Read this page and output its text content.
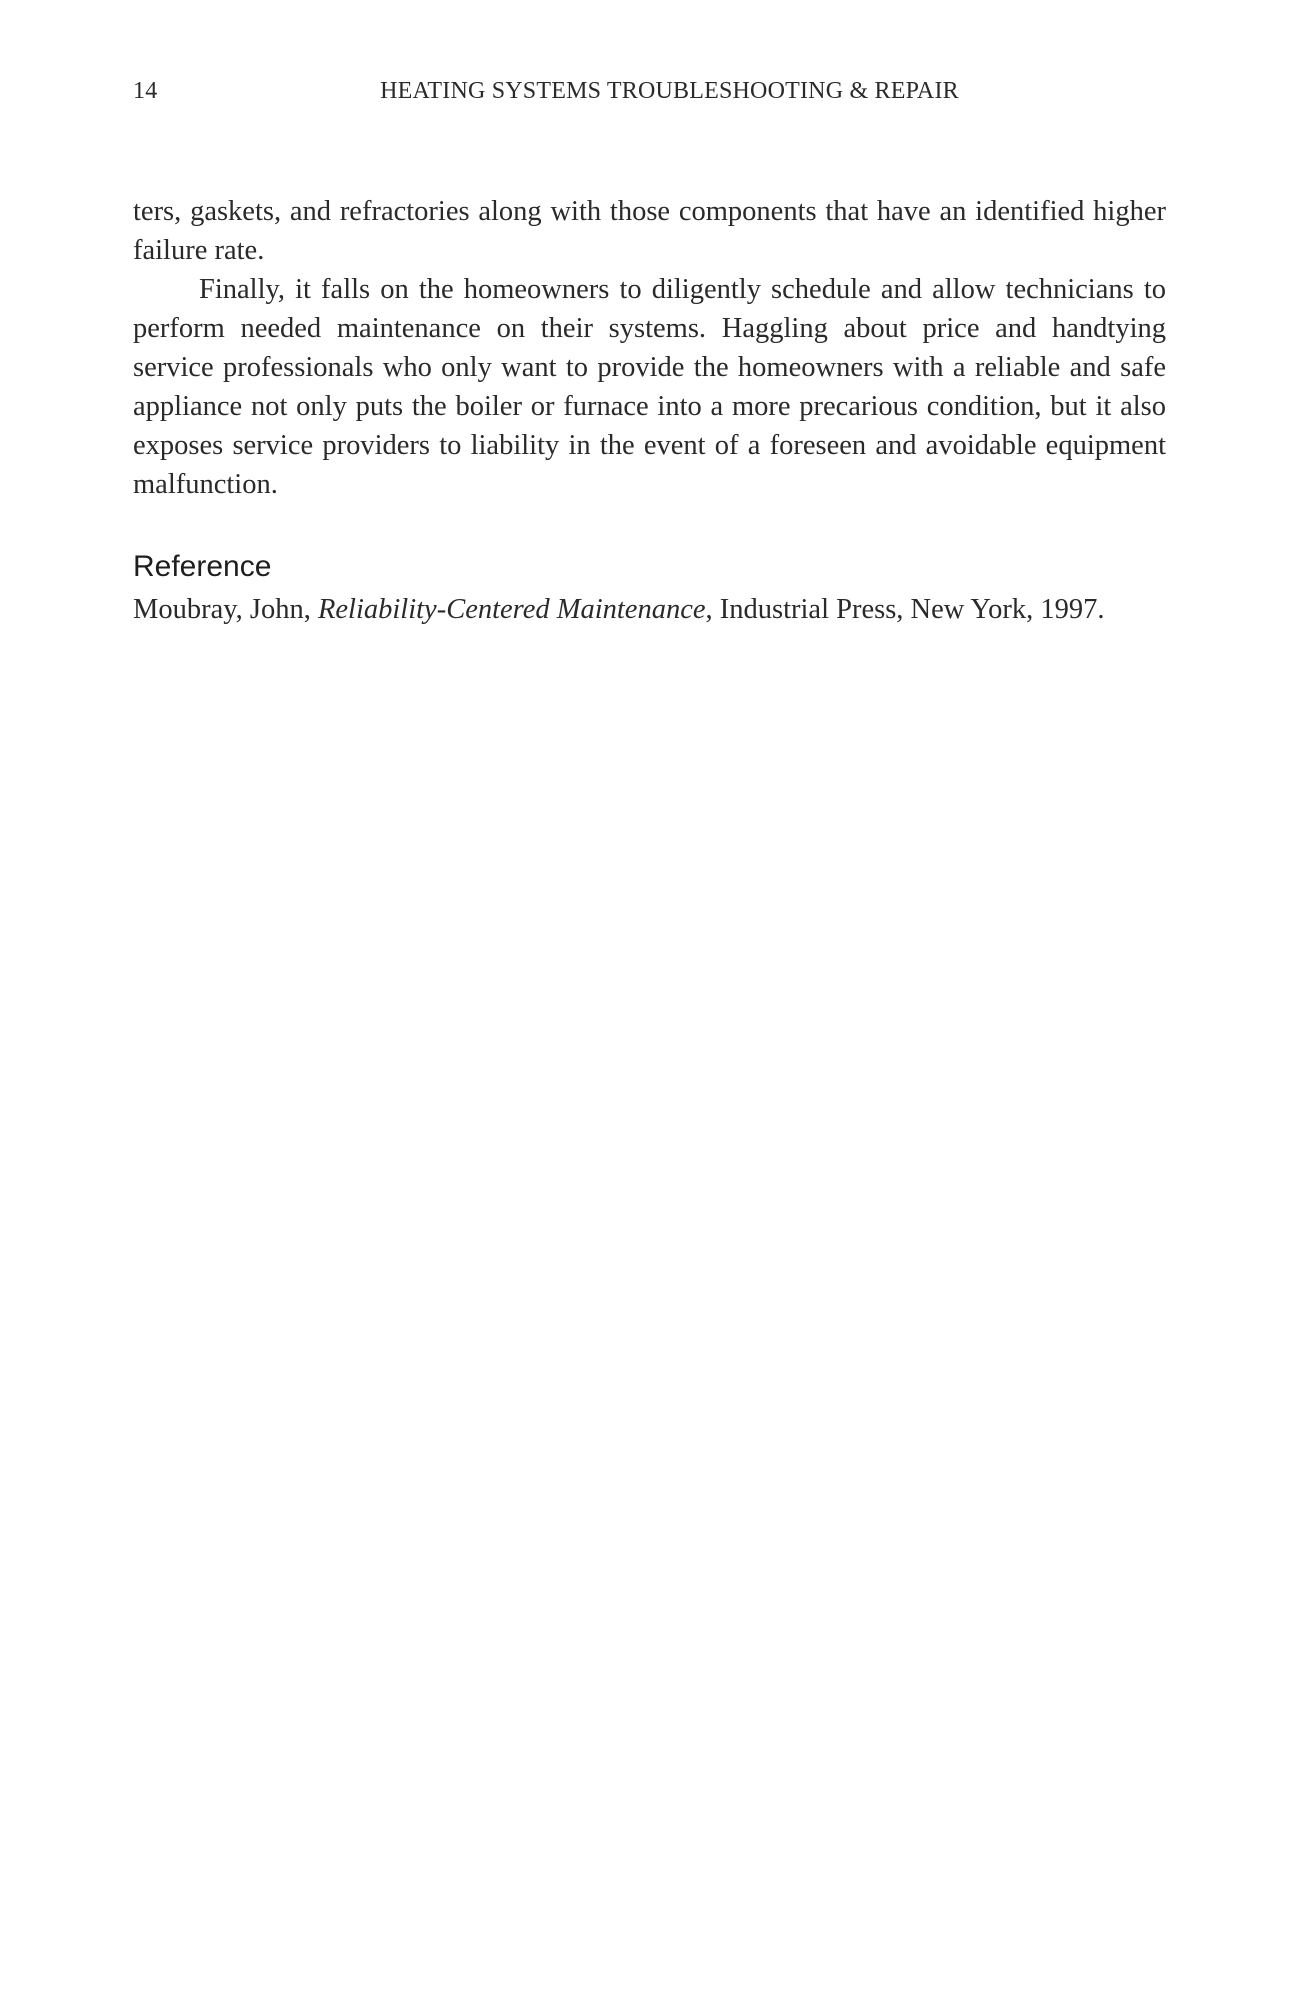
14	HEATING SYSTEMS TROUBLESHOOTING & REPAIR

ters, gaskets, and refractories along with those components that have an identified higher failure rate.

Finally, it falls on the homeowners to diligently schedule and allow technicians to perform needed maintenance on their systems. Haggling about price and handtying service professionals who only want to provide the homeowners with a reliable and safe appliance not only puts the boiler or furnace into a more precarious condition, but it also exposes service providers to liability in the event of a foreseen and avoidable equipment malfunction.

Reference

Moubray, John, Reliability-Centered Maintenance, Industrial Press, New York, 1997.
